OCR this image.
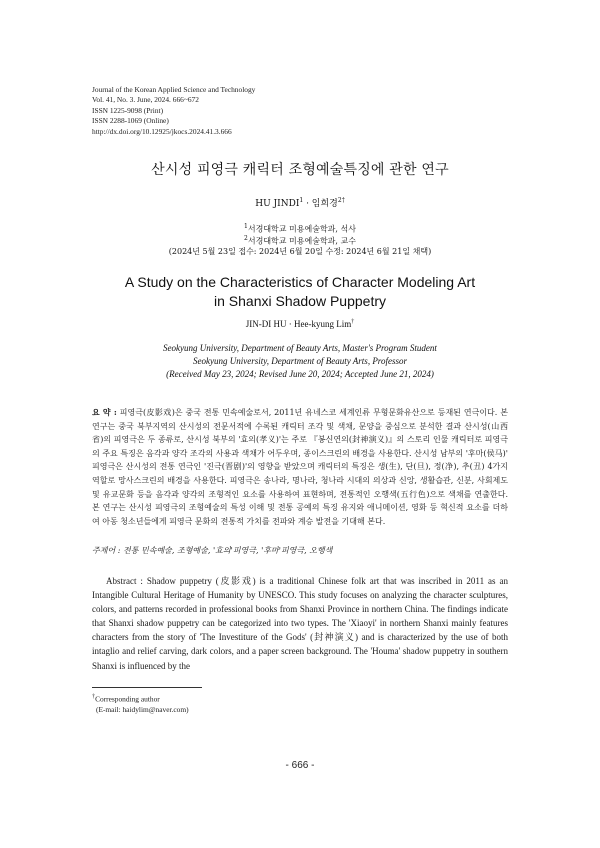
Journal of the Korean Applied Science and Technology
Vol. 41, No. 3. June, 2024. 666~672
ISSN 1225-9098 (Print)
ISSN 2288-1069 (Online)
http://dx.doi.org/10.12925/jkocs.2024.41.3.666
산시성 피영극 캐릭터 조형예술특징에 관한 연구
HU $JINDI^1$ · 임희경$^{2\dagger}$
$^1$서경대학교 미용예술학과, 석사
$^2$서경대학교 미용예술학과, 교수
(2024년 5월 23일 접수: 2024년 6월 20일 수정: 2024년 6월 21일 채택)
A Study on the Characteristics of Character Modeling Art
in Shanxi Shadow Puppetry
JIN-DI HU · Hee-kyung Lim†
Seokyung University, Department of Beauty Arts, Master's Program Student
Seokyung University, Department of Beauty Arts, Professor
(Received May 23, 2024; Revised June 20, 2024; Accepted June 21, 2024)
요 약 : 피영극(皮影戏)은 중국 전통 민속예술로서, 2011년 유네스코 세계인류 무형문화유산으로 등재된 연극이다. 본 연구는 중국 북부지역의 산시성의 전문서적에 수록된 캐릭터 조각 및 색채, 문양을 중심으로 분석한 결과 산시성(山西省)의 피영극은 두 종류로, 산시성 북부의 '효의(孝义)'는 주로 『봉신연의(封神演义)』의 스토리 인물 캐릭터로 피영극의 주요 특징은 음각과 양각 조각의 사용과 색채가 어두우며, 종이스크린의 배경을 사용한다. 산시성 남부의 '후마(侯马)' 피영극은 산시성의 전통 연극인 '진극(晋剧)'의 영향을 받았으며 캐릭터의 특징은 생(生), 단(旦), 정(净), 추(丑) 4가지 역할로 망사스크린의 배경을 사용한다. 피영극은 송나라, 명나라, 청나라 시대의 의상과 신앙, 생활습관, 신분, 사회제도 및 유교문화 등을 음각과 양각의 조형적인 요소를 사용하여 표현하며, 전통적인 오행색(五行色)으로 색채를 연출한다. 본 연구는 산시성 피영극의 조형예술의 특성 이해 및 전통 공예의 특징 유지와 애니메이션, 영화 등 혁신적 요소를 더하여 아동 청소년들에게 피영극 문화의 전통적 가치를 전파와 계승 발전을 기대해 본다.
주제어 : 전통 민속예술, 조형예술, '효의'피영극, '후마'피영극, 오행색
Abstract : Shadow puppetry (皮影戏) is a traditional Chinese folk art that was inscribed in 2011 as an Intangible Cultural Heritage of Humanity by UNESCO. This study focuses on analyzing the character sculptures, colors, and patterns recorded in professional books from Shanxi Province in northern China. The findings indicate that Shanxi shadow puppetry can be categorized into two types. The 'Xiaoyi' in northern Shanxi mainly features characters from the story of 'The Investiture of the Gods' (封神演义) and is characterized by the use of both intaglio and relief carving, dark colors, and a paper screen background. The 'Houma' shadow puppetry in southern Shanxi is influenced by the
†Corresponding author
(E-mail: haidylim@naver.com)
- 666 -
